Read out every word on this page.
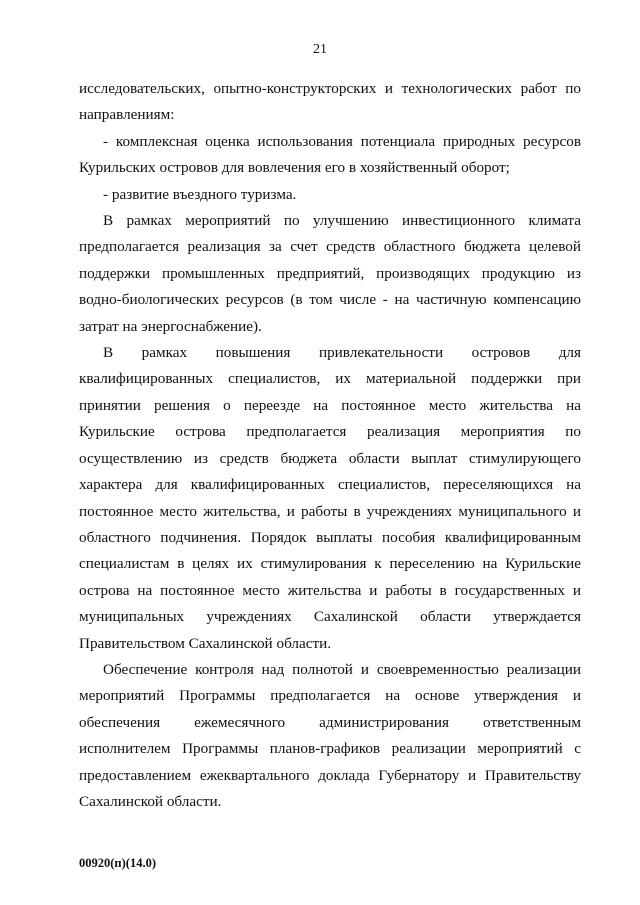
21

исследовательских, опытно-конструкторских и технологических работ по направлениям:

- комплексная оценка использования потенциала природных ресурсов Курильских островов для вовлечения его в хозяйственный оборот;

- развитие въездного туризма.

В рамках мероприятий по улучшению инвестиционного климата предполагается реализация за счет средств областного бюджета целевой поддержки промышленных предприятий, производящих продукцию из водно-биологических ресурсов (в том числе - на частичную компенсацию затрат на энергоснабжение).

В рамках повышения привлекательности островов для квалифицированных специалистов, их материальной поддержки при принятии решения о переезде на постоянное место жительства на Курильские острова предполагается реализация мероприятия по осуществлению из средств бюджета области выплат стимулирующего характера для квалифицированных специалистов, переселяющихся на постоянное место жительства, и работы в учреждениях муниципального и областного подчинения. Порядок выплаты пособия квалифицированным специалистам в целях их стимулирования к переселению на Курильские острова на постоянное место жительства и работы в государственных и муниципальных учреждениях Сахалинской области утверждается Правительством Сахалинской области.

Обеспечение контроля над полнотой и своевременностью реализации мероприятий Программы предполагается на основе утверждения и обеспечения ежемесячного администрирования ответственным исполнителем Программы планов-графиков реализации мероприятий с предоставлением ежеквартального доклада Губернатору и Правительству Сахалинской области.

00920(п)(14.0)
